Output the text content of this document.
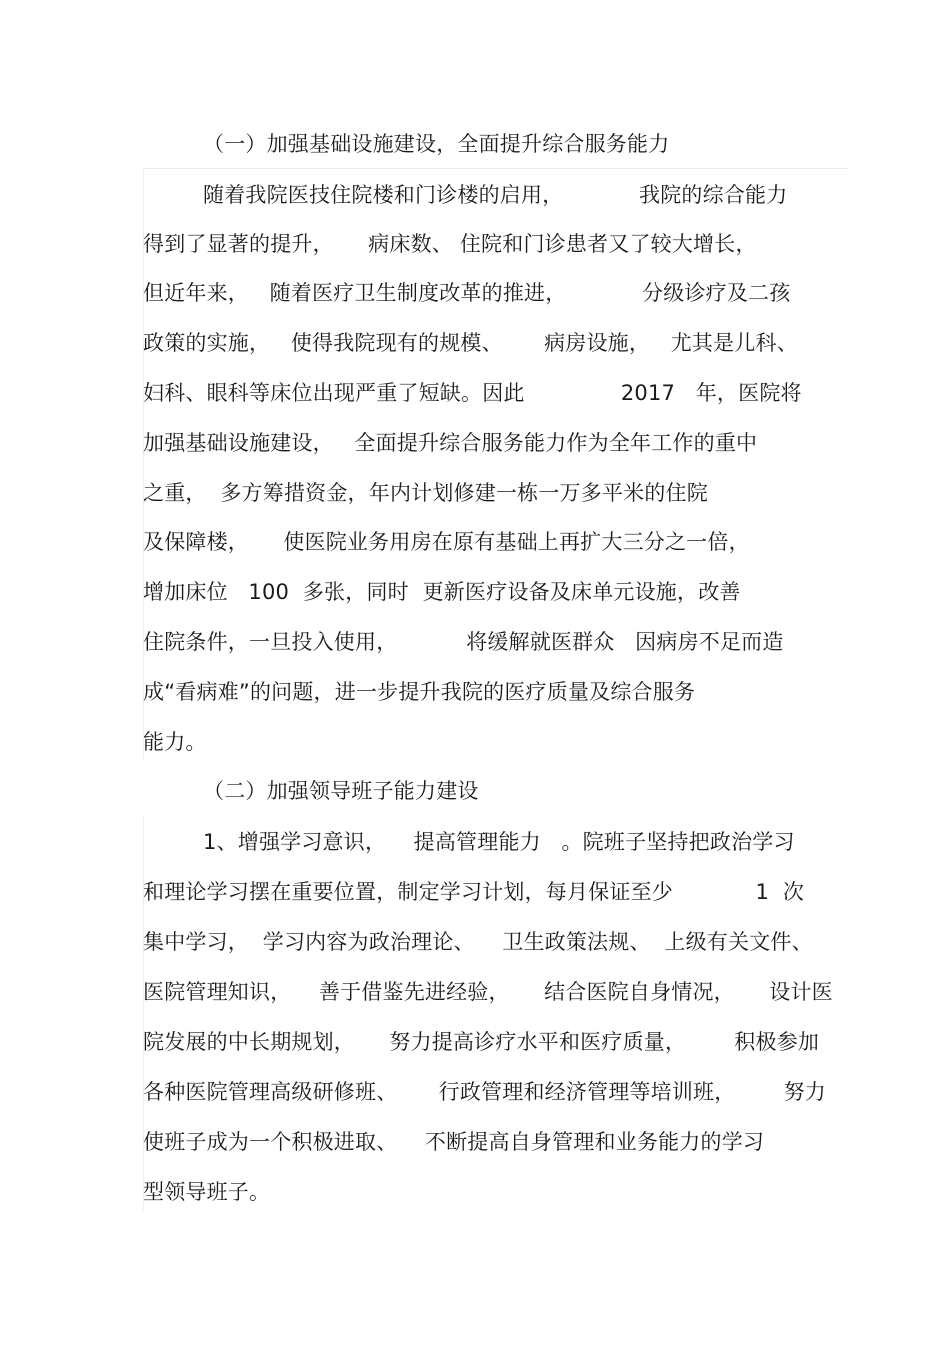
（一）加强基础设施建设，全面提升综合服务能力
随着我院医技住院楼和门诊楼的启用，           我院的综合能力
得到了显著的提升，     病床数、 住院和门诊患者又了较大增长，
但近年来，   随着医疗卫生制度改革的推进，           分级诊疗及二孩
政策的实施，   使得我院现有的规模、      病房设施，   尤其是儿科、
妇科、眼科等床位出现严重了短缺。因此              2017   年，医院将
加强基础设施建设，   全面提升综合服务能力作为全年工作的重中
之重，  多方筹措资金，年内计划修建一栋一万多平米的住院
及保障楼，     使医院业务用房在原有基础上再扩大三分之一倍，
增加床位   100  多张，同时  更新医疗设备及床单元设施，改善
住院条件，一旦投入使用，          将缓解就医群众   因病房不足而造
成“看病难”的问题，进一步提升我院的医疗质量及综合服务
能力。
（二）加强领导班子能力建设
1、增强学习意识，    提高管理能力   。院班子坚持把政治学习
和理论学习摆在重要位置，制定学习计划，每月保证至少            1  次
集中学习，  学习内容为政治理论、    卫生政策法规、  上级有关文件、
医院管理知识，    善于借鉴先进经验，     结合医院自身情况，     设计医
院发展的中长期规划，     努力提高诊疗水平和医疗质量，       积极参加
各种医院管理高级研修班、      行政管理和经济管理等培训班，       努力
使班子成为一个积极进取、    不断提高自身管理和业务能力的学习
型领导班子。
